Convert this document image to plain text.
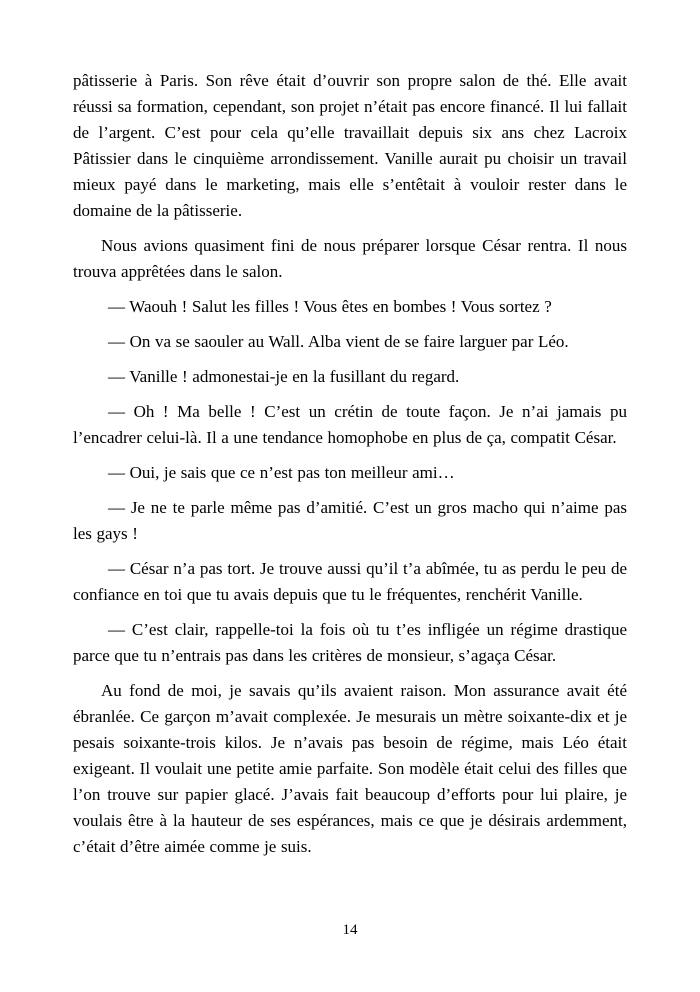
pâtisserie à Paris. Son rêve était d’ouvrir son propre salon de thé. Elle avait réussi sa formation, cependant, son projet n’était pas encore financé. Il lui fallait de l’argent. C’est pour cela qu’elle travaillait depuis six ans chez Lacroix Pâtissier dans le cinquième arrondissement. Vanille aurait pu choisir un travail mieux payé dans le marketing, mais elle s’entêtait à vouloir rester dans le domaine de la pâtisserie.

Nous avions quasiment fini de nous préparer lorsque César rentra. Il nous trouva apprêtées dans le salon.

— Waouh ! Salut les filles ! Vous êtes en bombes ! Vous sortez ?

— On va se saouler au Wall. Alba vient de se faire larguer par Léo.

— Vanille ! admonestai-je en la fusillant du regard.

— Oh ! Ma belle ! C’est un crétin de toute façon. Je n’ai jamais pu l’encadrer celui-là. Il a une tendance homophobe en plus de ça, compatit César.

— Oui, je sais que ce n’est pas ton meilleur ami…

— Je ne te parle même pas d’amitié. C’est un gros macho qui n’aime pas les gays !

— César n’a pas tort. Je trouve aussi qu’il t’a abîmée, tu as perdu le peu de confiance en toi que tu avais depuis que tu le fréquentes, renchérit Vanille.

— C’est clair, rappelle-toi la fois où tu t’es infligée un régime drastique parce que tu n’entrais pas dans les critères de monsieur, s’agaça César.

Au fond de moi, je savais qu’ils avaient raison. Mon assurance avait été ébranlée. Ce garçon m’avait complexée. Je mesurais un mètre soixante-dix et je pesais soixante-trois kilos. Je n’avais pas besoin de régime, mais Léo était exigeant. Il voulait une petite amie parfaite. Son modèle était celui des filles que l’on trouve sur papier glacé. J’avais fait beaucoup d’efforts pour lui plaire, je voulais être à la hauteur de ses espérances, mais ce que je désirais ardemment, c’était d’être aimée comme je suis.

14
